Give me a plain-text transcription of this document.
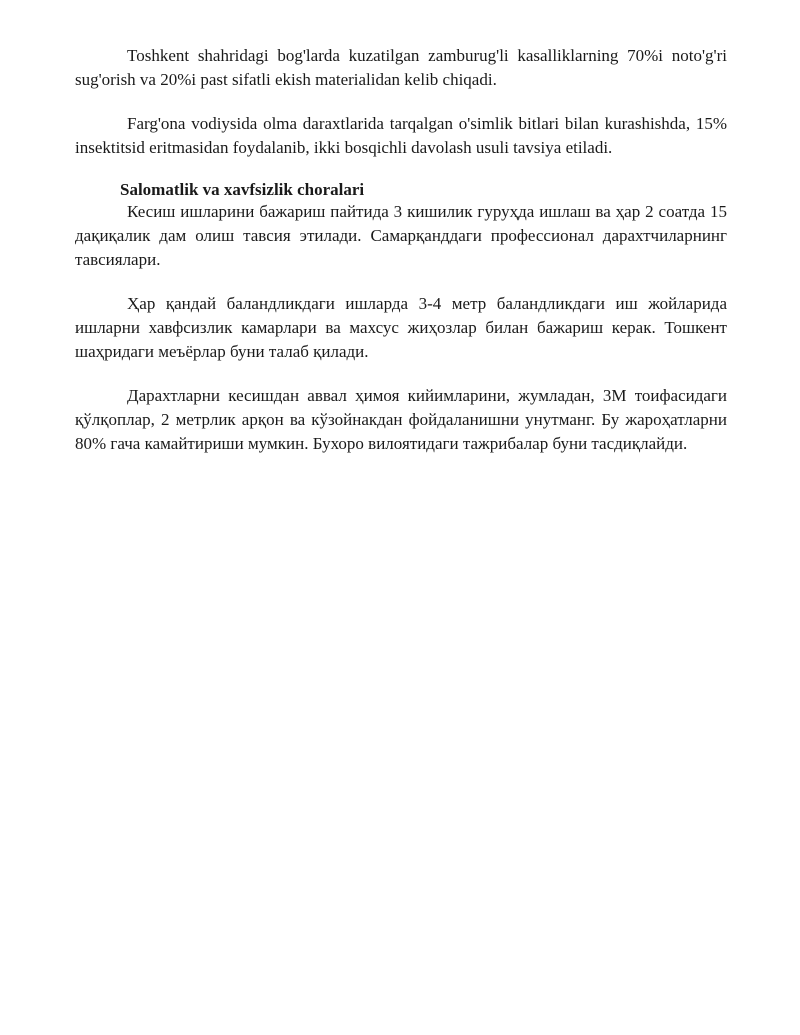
Toshkent shahridagi bog'larda kuzatilgan zamburug'li kasalliklarning 70%i noto'g'ri sug'orish va 20%i past sifatli ekish materialidan kelib chiqadi.

Farg'ona vodiysida olma daraxtlarida tarqalgan o'simlik bitlari bilan kurashishda, 15% insektitsid eritmasidan foydalanib, ikki bosqichli davolash usuli tavsiya etiladi.

Salomatlik va xavfsizlik choralari

Кесиш ишларини бажариш пайтида 3 кишилик гуруҳда ишлаш ва ҳар 2 соатда 15 дақиқалик дам олиш тавсия этилади. Самарқанддаги профессионал дарахтчиларнинг тавсиялари.

Ҳар қандай баландликдаги ишларда 3-4 метр баландликдаги иш жойларида ишларни хавфсизлик камарлари ва махсус жиҳозлар билан бажариш керак. Тошкент шаҳридаги меъёрлар буни талаб қилади.

Дарахтларни кесишдан аввал ҳимоя кийимларини, жумладан, 3M тоифасидаги қўлқоплар, 2 метрлик арқон ва кўзойнакдан фойдаланишни унутманг. Бу жароҳатларни 80% гача камайтириши мумкин. Бухоро вилоятидаги тажрибалар буни тасдиқлайди.
